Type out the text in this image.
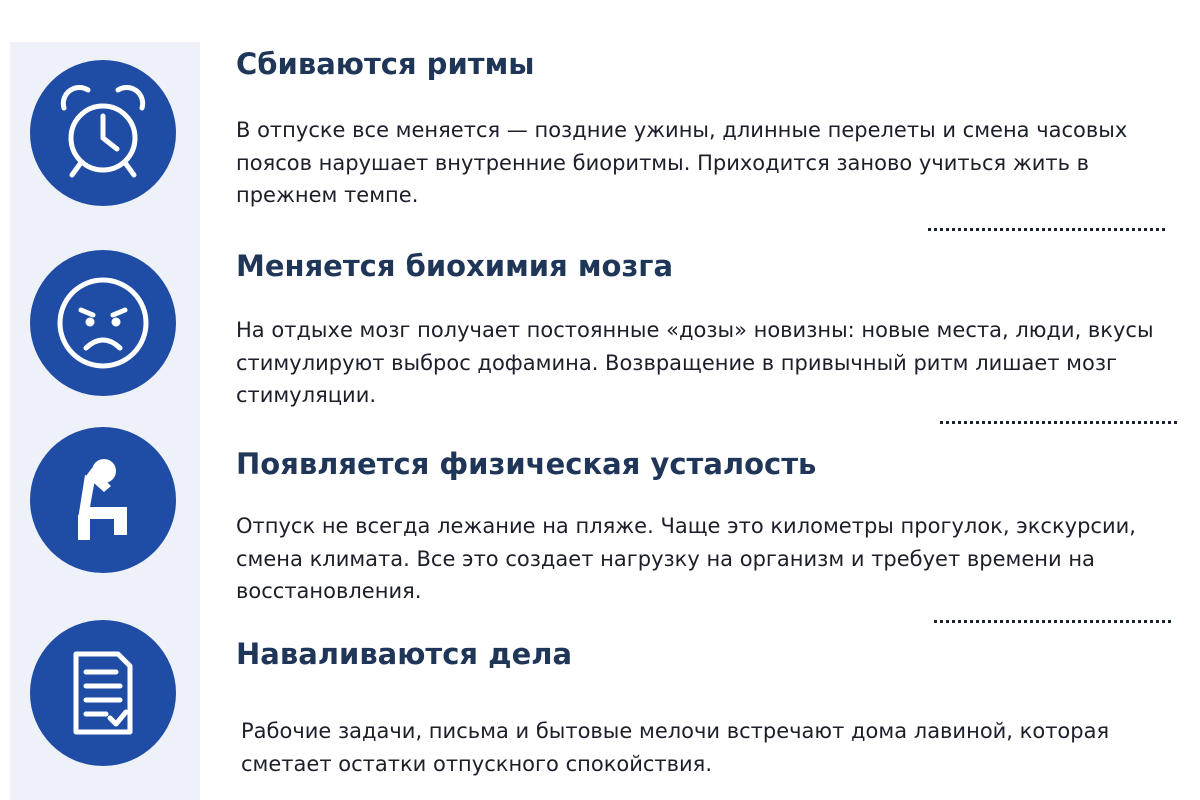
Сбиваются ритмы

В отпуске все меняется — поздние ужины, длинные перелеты и смена часовых поясов нарушает внутренние биоритмы. Приходится заново учиться жить в прежнем темпе.

Меняется биохимия мозга

На отдыхе мозг получает постоянные «дозы» новизны: новые места, люди, вкусы стимулируют выброс дофамина. Возвращение в привычный ритм лишает мозг стимуляции.

Появляется физическая усталость

Отпуск не всегда лежание на пляже. Чаще это километры прогулок, экскурсии, смена климата. Все это создает нагрузку на организм и требует времени на восстановления.

Наваливаются дела

Рабочие задачи, письма и бытовые мелочи встречают дома лавиной, которая сметает остатки отпускного спокойствия.
